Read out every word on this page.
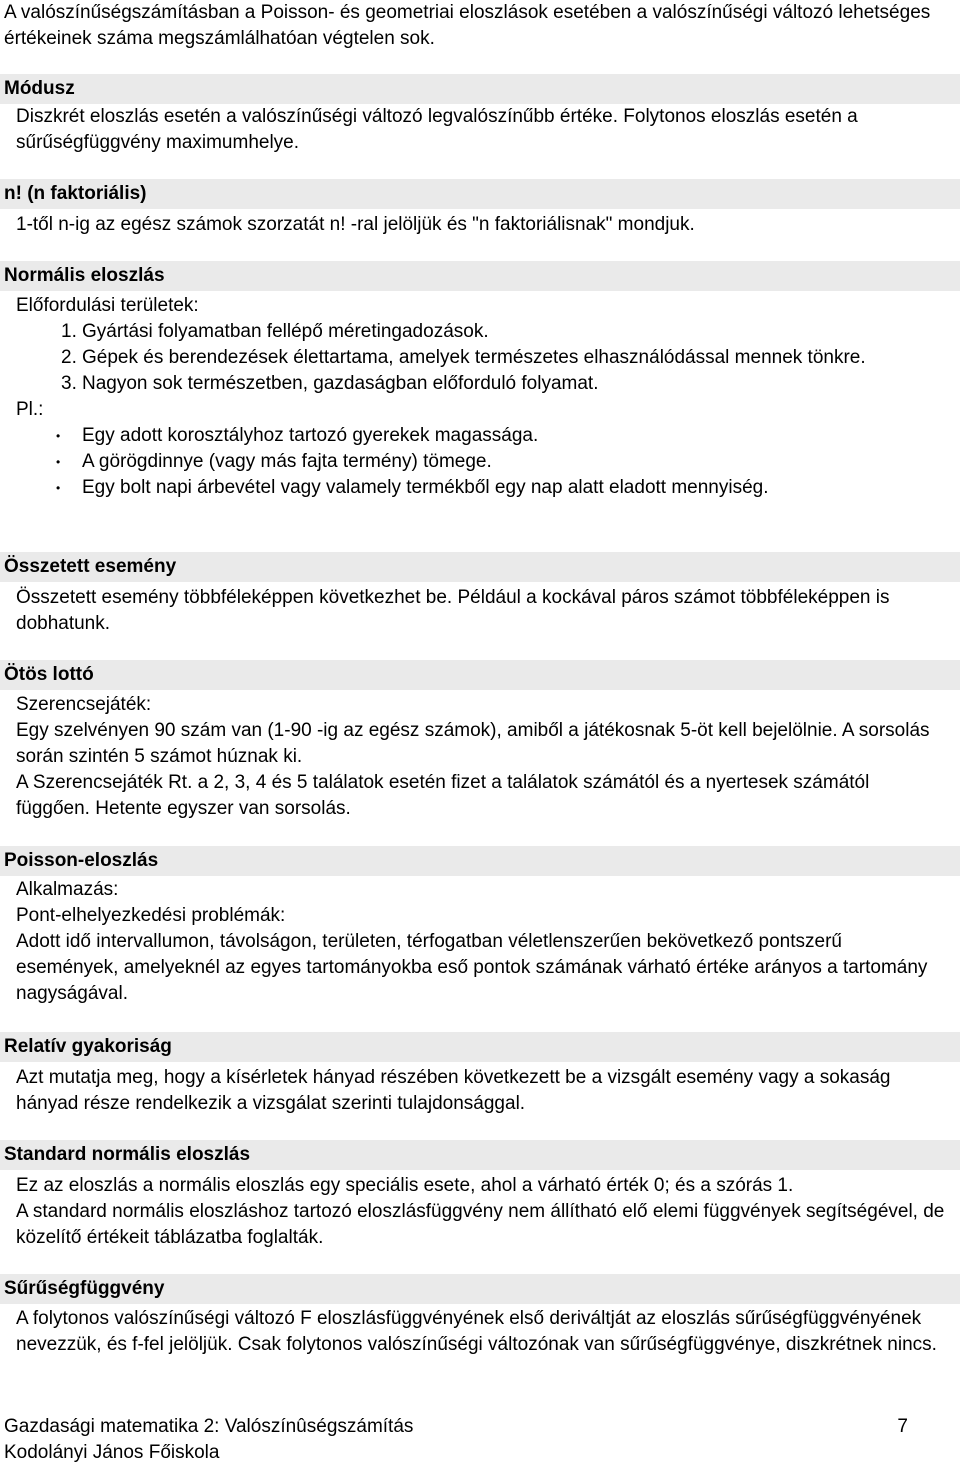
A valószínűségszámításban a Poisson- és geometriai eloszlások esetében a valószínűségi változó lehetséges értékeinek száma megszámlálhatóan végtelen sok.
Módusz
Diszkrét eloszlás esetén a valószínűségi változó legvalószínűbb értéke. Folytonos eloszlás esetén a sűrűségfüggvény maximumhelye.
n! (n faktoriális)
1-től n-ig az egész számok szorzatát n! -ral jelöljük és "n faktoriálisnak" mondjuk.
Normális eloszlás
Előfordulási területek:
1. Gyártási folyamatban fellépő méretingadozások.
2. Gépek és berendezések élettartama, amelyek természetes elhasználódással mennek tönkre.
3. Nagyon sok természetben, gazdaságban előforduló folyamat.
Pl.:
• Egy adott korosztályhoz tartozó gyerekek magassága.
• A görögdinnye (vagy más fajta termény) tömege.
• Egy bolt napi árbevétel vagy valamely termékből egy nap alatt eladott mennyiség.
Összetett esemény
Összetett esemény többféleképpen következhet be. Például a kockával páros számot többféleképpen is dobhatunk.
Ötös lottó
Szerencsejáték:
Egy szelvényen 90 szám van (1-90 -ig az egész számok), amiből a játékosnak 5-öt kell bejelölnie. A sorsolás során szintén 5 számot húznak ki.
A Szerencsejáték Rt. a 2, 3, 4 és 5 találatok esetén fizet a találatok számától és a nyertesek számától függően. Hetente egyszer van sorsolás.
Poisson-eloszlás
Alkalmazás:
Pont-elhelyezkedési problémák:
Adott idő intervallumon, távolságon, területen, térfogatban véletlenszerűen bekövetkező pontszerű események, amelyeknél az egyes tartományokba eső pontok számának várható értéke arányos a tartomány nagyságával.
Relatív gyakoriság
Azt mutatja meg, hogy a kísérletek hányad részében következett be a vizsgált esemény vagy a sokaság hányad része rendelkezik a vizsgálat szerinti tulajdonsággal.
Standard normális eloszlás
Ez az eloszlás a normális eloszlás egy speciális esete, ahol a várható érték 0; és a szórás 1.
A standard normális eloszláshoz tartozó eloszlásfüggvény nem állítható elő elemi függvények segítségével, de közelítő értékeit táblázatba foglalták.
Sűrűségfüggvény
A folytonos valószínűségi változó F eloszlásfüggvényének első deriváltját az eloszlás sűrűségfüggvényének nevezzük, és f-fel jelöljük. Csak folytonos valószínűségi változónak van sűrűségfüggvénye, diszkrétnek nincs.
Gazdasági matematika 2: Valószínûségszámítás
Kodolányi János Főiskola
7
